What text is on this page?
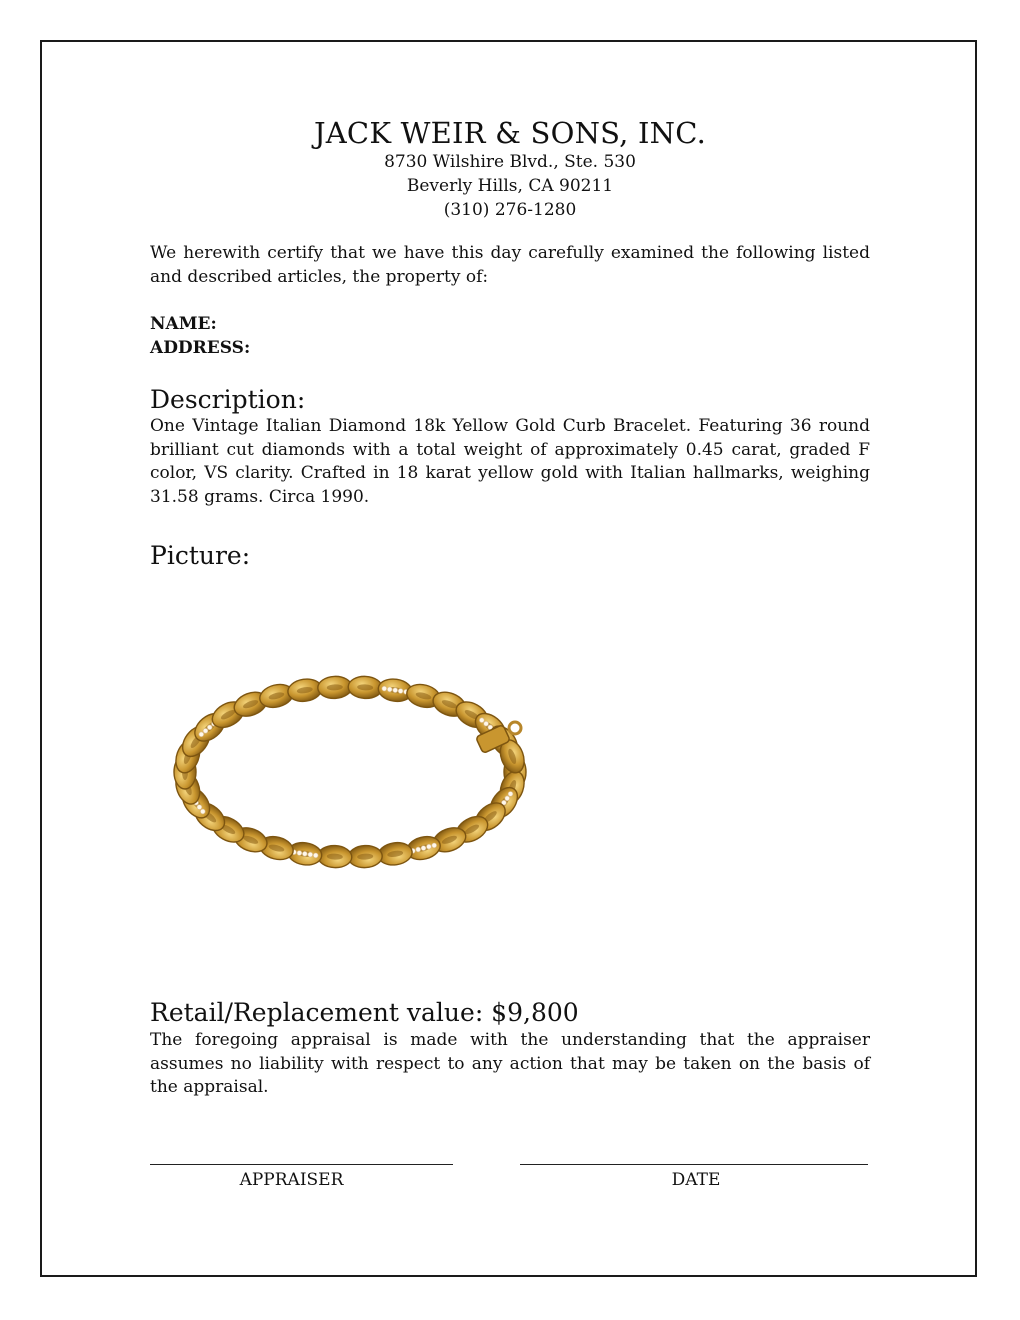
JACK WEIR & SONS, INC.
8730 Wilshire Blvd., Ste. 530
Beverly Hills, CA 90211
(310) 276-1280
We herewith certify that we have this day carefully examined the following listed and described articles, the property of:
NAME:
ADDRESS:
Description:
One Vintage Italian Diamond 18k Yellow Gold Curb Bracelet. Featuring 36 round brilliant cut diamonds with a total weight of approximately 0.45 carat, graded F color, VS clarity. Crafted in 18 karat yellow gold with Italian hallmarks, weighing 31.58 grams. Circa 1990.
Picture:
Retail/Replacement value: $9,800
The foregoing appraisal is made with the understanding that the appraiser assumes no liability with respect to any action that may be taken on the basis of the appraisal.
APPRAISER	DATE
